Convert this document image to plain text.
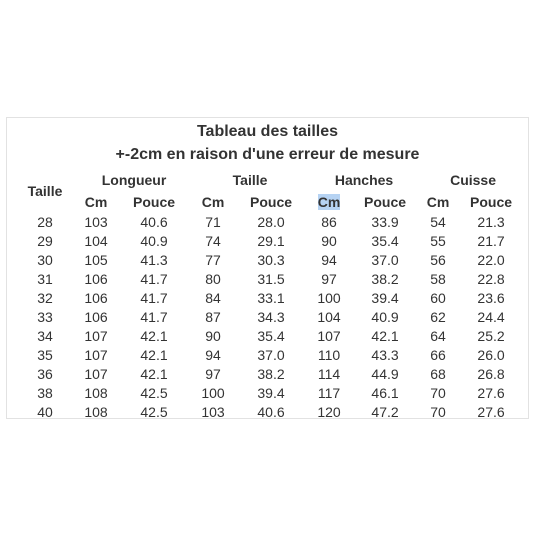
Tableau des tailles
+-2cm en raison d'une erreur de mesure
Taille	Longueur		Taille		Hanches		Cuisse	
	Cm	Pouce	Cm	Pouce	Cm	Pouce	Cm	Pouce
28	103	40.6	71	28.0	86	33.9	54	21.3
29	104	40.9	74	29.1	90	35.4	55	21.7
30	105	41.3	77	30.3	94	37.0	56	22.0
31	106	41.7	80	31.5	97	38.2	58	22.8
32	106	41.7	84	33.1	100	39.4	60	23.6
33	106	41.7	87	34.3	104	40.9	62	24.4
34	107	42.1	90	35.4	107	42.1	64	25.2
35	107	42.1	94	37.0	110	43.3	66	26.0
36	107	42.1	97	38.2	114	44.9	68	26.8
38	108	42.5	100	39.4	117	46.1	70	27.6
40	108	42.5	103	40.6	120	47.2	70	27.6
